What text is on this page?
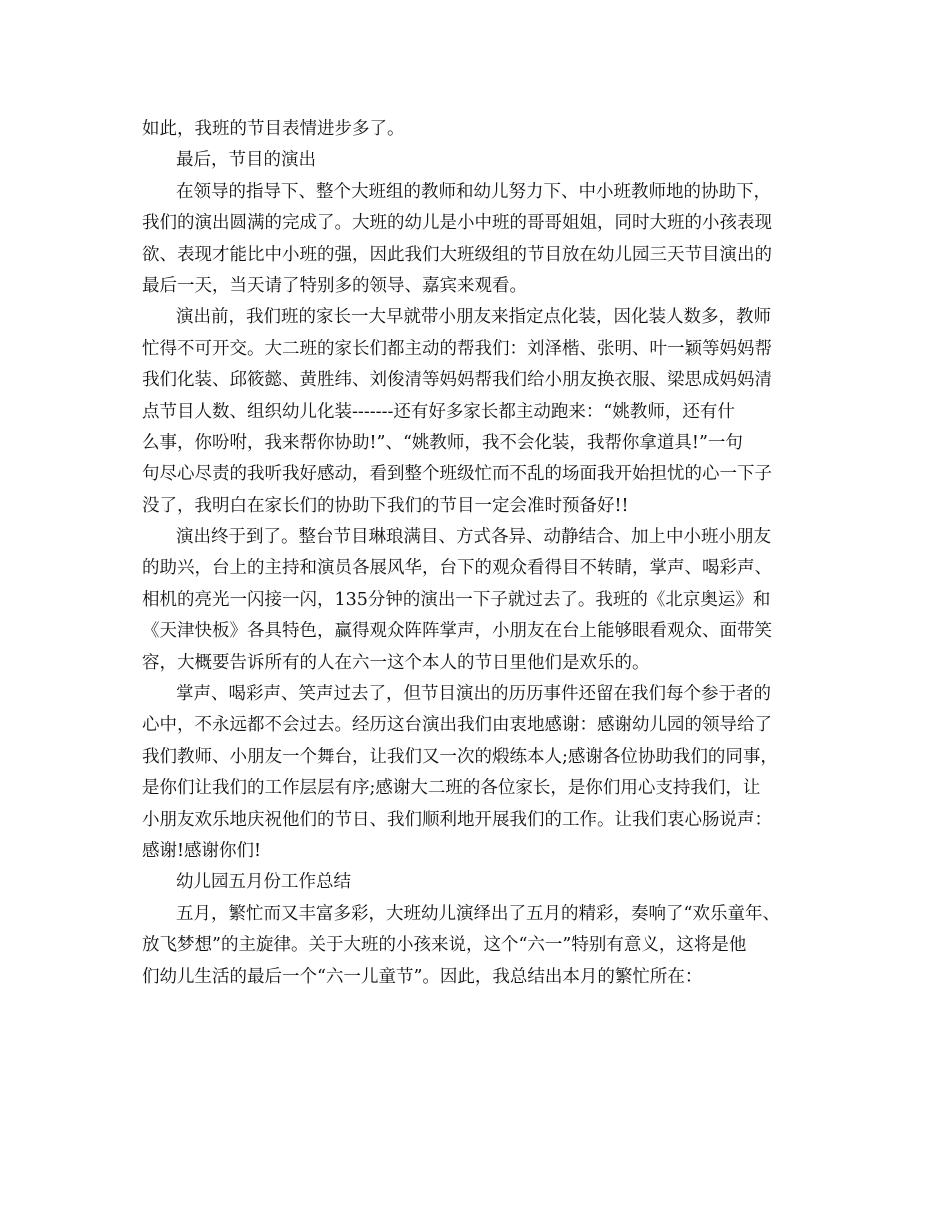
如此，我班的节目表情进步多了。
最后，节目的演出
在领导的指导下、整个大班组的教师和幼儿努力下、中小班教师地的协助下，
我们的演出圆满的完成了。大班的幼儿是小中班的哥哥姐姐，同时大班的小孩表现
欲、表现才能比中小班的强，因此我们大班级组的节目放在幼儿园三天节目演出的
最后一天，当天请了特别多的领导、嘉宾来观看。
演出前，我们班的家长一大早就带小朋友来指定点化装，因化装人数多，教师
忙得不可开交。大二班的家长们都主动的帮我们：刘泽楷、张明、叶一颖等妈妈帮
我们化装、邱筱懿、黄胜纬、刘俊清等妈妈帮我们给小朋友换衣服、梁思成妈妈清
点节目人数、组织幼儿化装-------还有好多家长都主动跑来：“姚教师，还有什
么事，你吩咐，我来帮你协助!”、“姚教师，我不会化装，我帮你拿道具!”一句
句尽心尽责的我听我好感动，看到整个班级忙而不乱的场面我开始担忧的心一下子
没了，我明白在家长们的协助下我们的节目一定会准时预备好!!
演出终于到了。整台节目琳琅满目、方式各异、动静结合、加上中小班小朋友
的助兴，台上的主持和演员各展风华，台下的观众看得目不转睛，掌声、喝彩声、
相机的亮光一闪接一闪，135分钟的演出一下子就过去了。我班的《北京奥运》和
《天津快板》各具特色，赢得观众阵阵掌声，小朋友在台上能够眼看观众、面带笑
容，大概要告诉所有的人在六一这个本人的节日里他们是欢乐的。
掌声、喝彩声、笑声过去了，但节目演出的历历事件还留在我们每个参于者的
心中，不永远都不会过去。经历这台演出我们由衷地感谢：感谢幼儿园的领导给了
我们教师、小朋友一个舞台，让我们又一次的煅练本人;感谢各位协助我们的同事，
是你们让我们的工作层层有序;感谢大二班的各位家长，是你们用心支持我们，让
小朋友欢乐地庆祝他们的节日、我们顺利地开展我们的工作。让我们衷心肠说声：
感谢!感谢你们!
幼儿园五月份工作总结
五月，繁忙而又丰富多彩，大班幼儿演绎出了五月的精彩，奏响了“欢乐童年、
放飞梦想”的主旋律。关于大班的小孩来说，这个“六一”特别有意义，这将是他
们幼儿生活的最后一个“六一儿童节”。因此，我总结出本月的繁忙所在：
